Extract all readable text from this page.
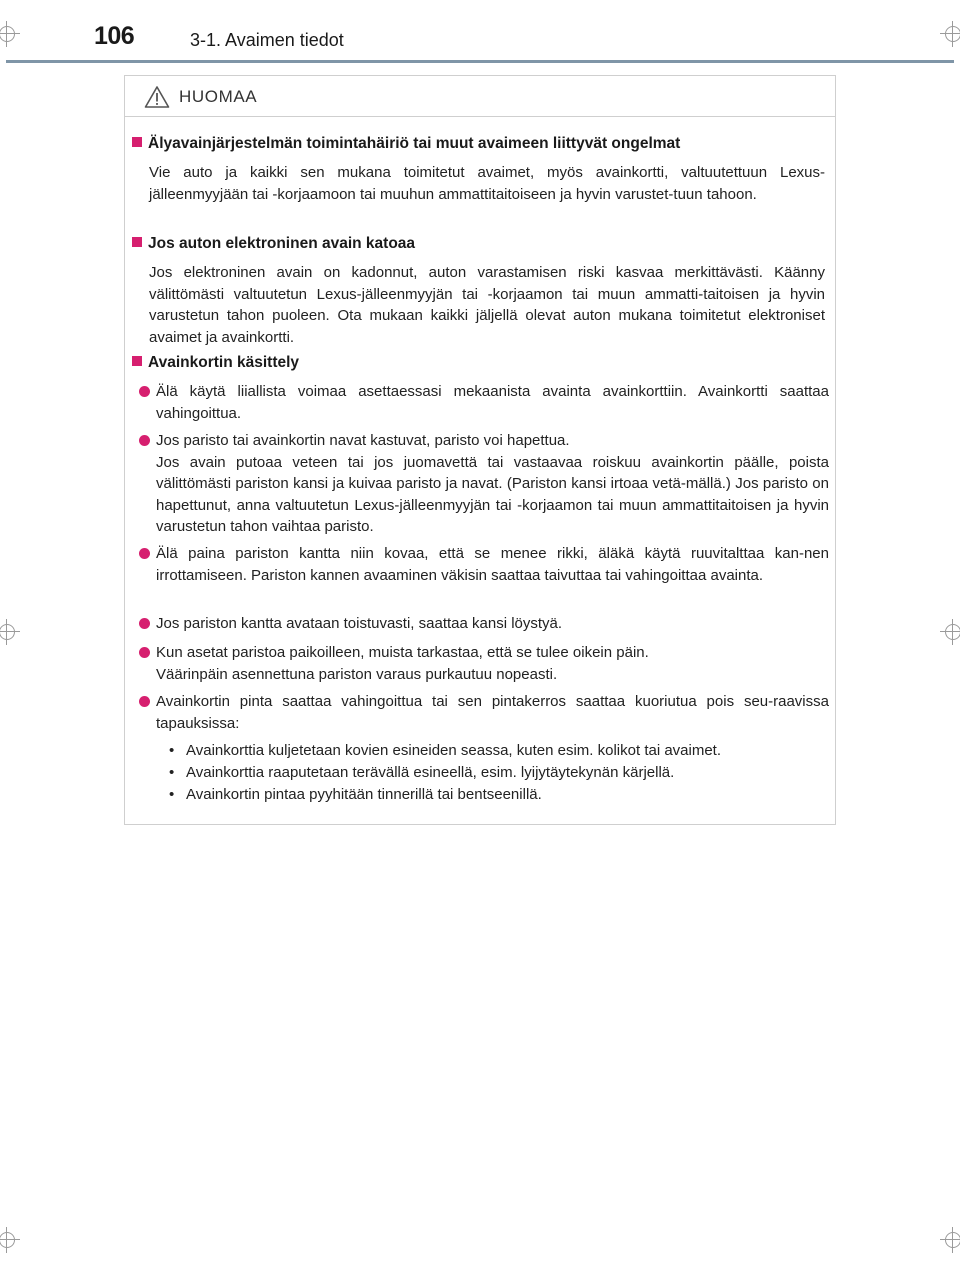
106	3-1. Avaimen tiedot
HUOMAA
Älyavainjärjestelmän toimintahäiriö tai muut avaimeen liittyvät ongelmat
Vie auto ja kaikki sen mukana toimitetut avaimet, myös avainkortti, valtuutettuun Lexus-jälleenmyyjään tai -korjaamoon tai muuhun ammattitaitoiseen ja hyvin varustet-tuun tahoon.
Jos auton elektroninen avain katoaa
Jos elektroninen avain on kadonnut, auton varastamisen riski kasvaa merkittävästi. Käänny välittömästi valtuutetun Lexus-jälleenmyyjän tai -korjaamon tai muun ammatti-taitoisen ja hyvin varustetun tahon puoleen. Ota mukaan kaikki jäljellä olevat auton mukana toimitetut elektroniset avaimet ja avainkortti.
Avainkortin käsittely
Älä käytä liiallista voimaa asettaessasi mekaanista avainta avainkorttiin. Avainkortti saattaa vahingoittua.
Jos paristo tai avainkortin navat kastuvat, paristo voi hapettua.
Jos avain putoaa veteen tai jos juomavettä tai vastaavaa roiskuu avainkortin päälle, poista välittömästi pariston kansi ja kuivaa paristo ja navat. (Pariston kansi irtoaa vetä-mällä.) Jos paristo on hapettunut, anna valtuutetun Lexus-jälleenmyyjän tai -korjaamon tai muun ammattitaitoisen ja hyvin varustetun tahon vaihtaa paristo.
Älä paina pariston kantta niin kovaa, että se menee rikki, äläkä käytä ruuvitalttaa kan-nen irrottamiseen. Pariston kannen avaaminen väkisin saattaa taivuttaa tai vahingoittaa avainta.
Jos pariston kantta avataan toistuvasti, saattaa kansi löystyä.
Kun asetat paristoa paikoilleen, muista tarkastaa, että se tulee oikein päin.
Väärinpäin asennettuna pariston varaus purkautuu nopeasti.
Avainkortin pinta saattaa vahingoittua tai sen pintakerros saattaa kuoriutua pois seu-raavissa tapauksissa:
• Avainkorttia kuljetetaan kovien esineiden seassa, kuten esim. kolikot tai avaimet.
• Avainkorttia raaputetaan terävällä esineellä, esim. lyijytäytekynän kärjellä.
• Avainkortin pintaa pyyhitään tinnerillä tai bentseenillä.
